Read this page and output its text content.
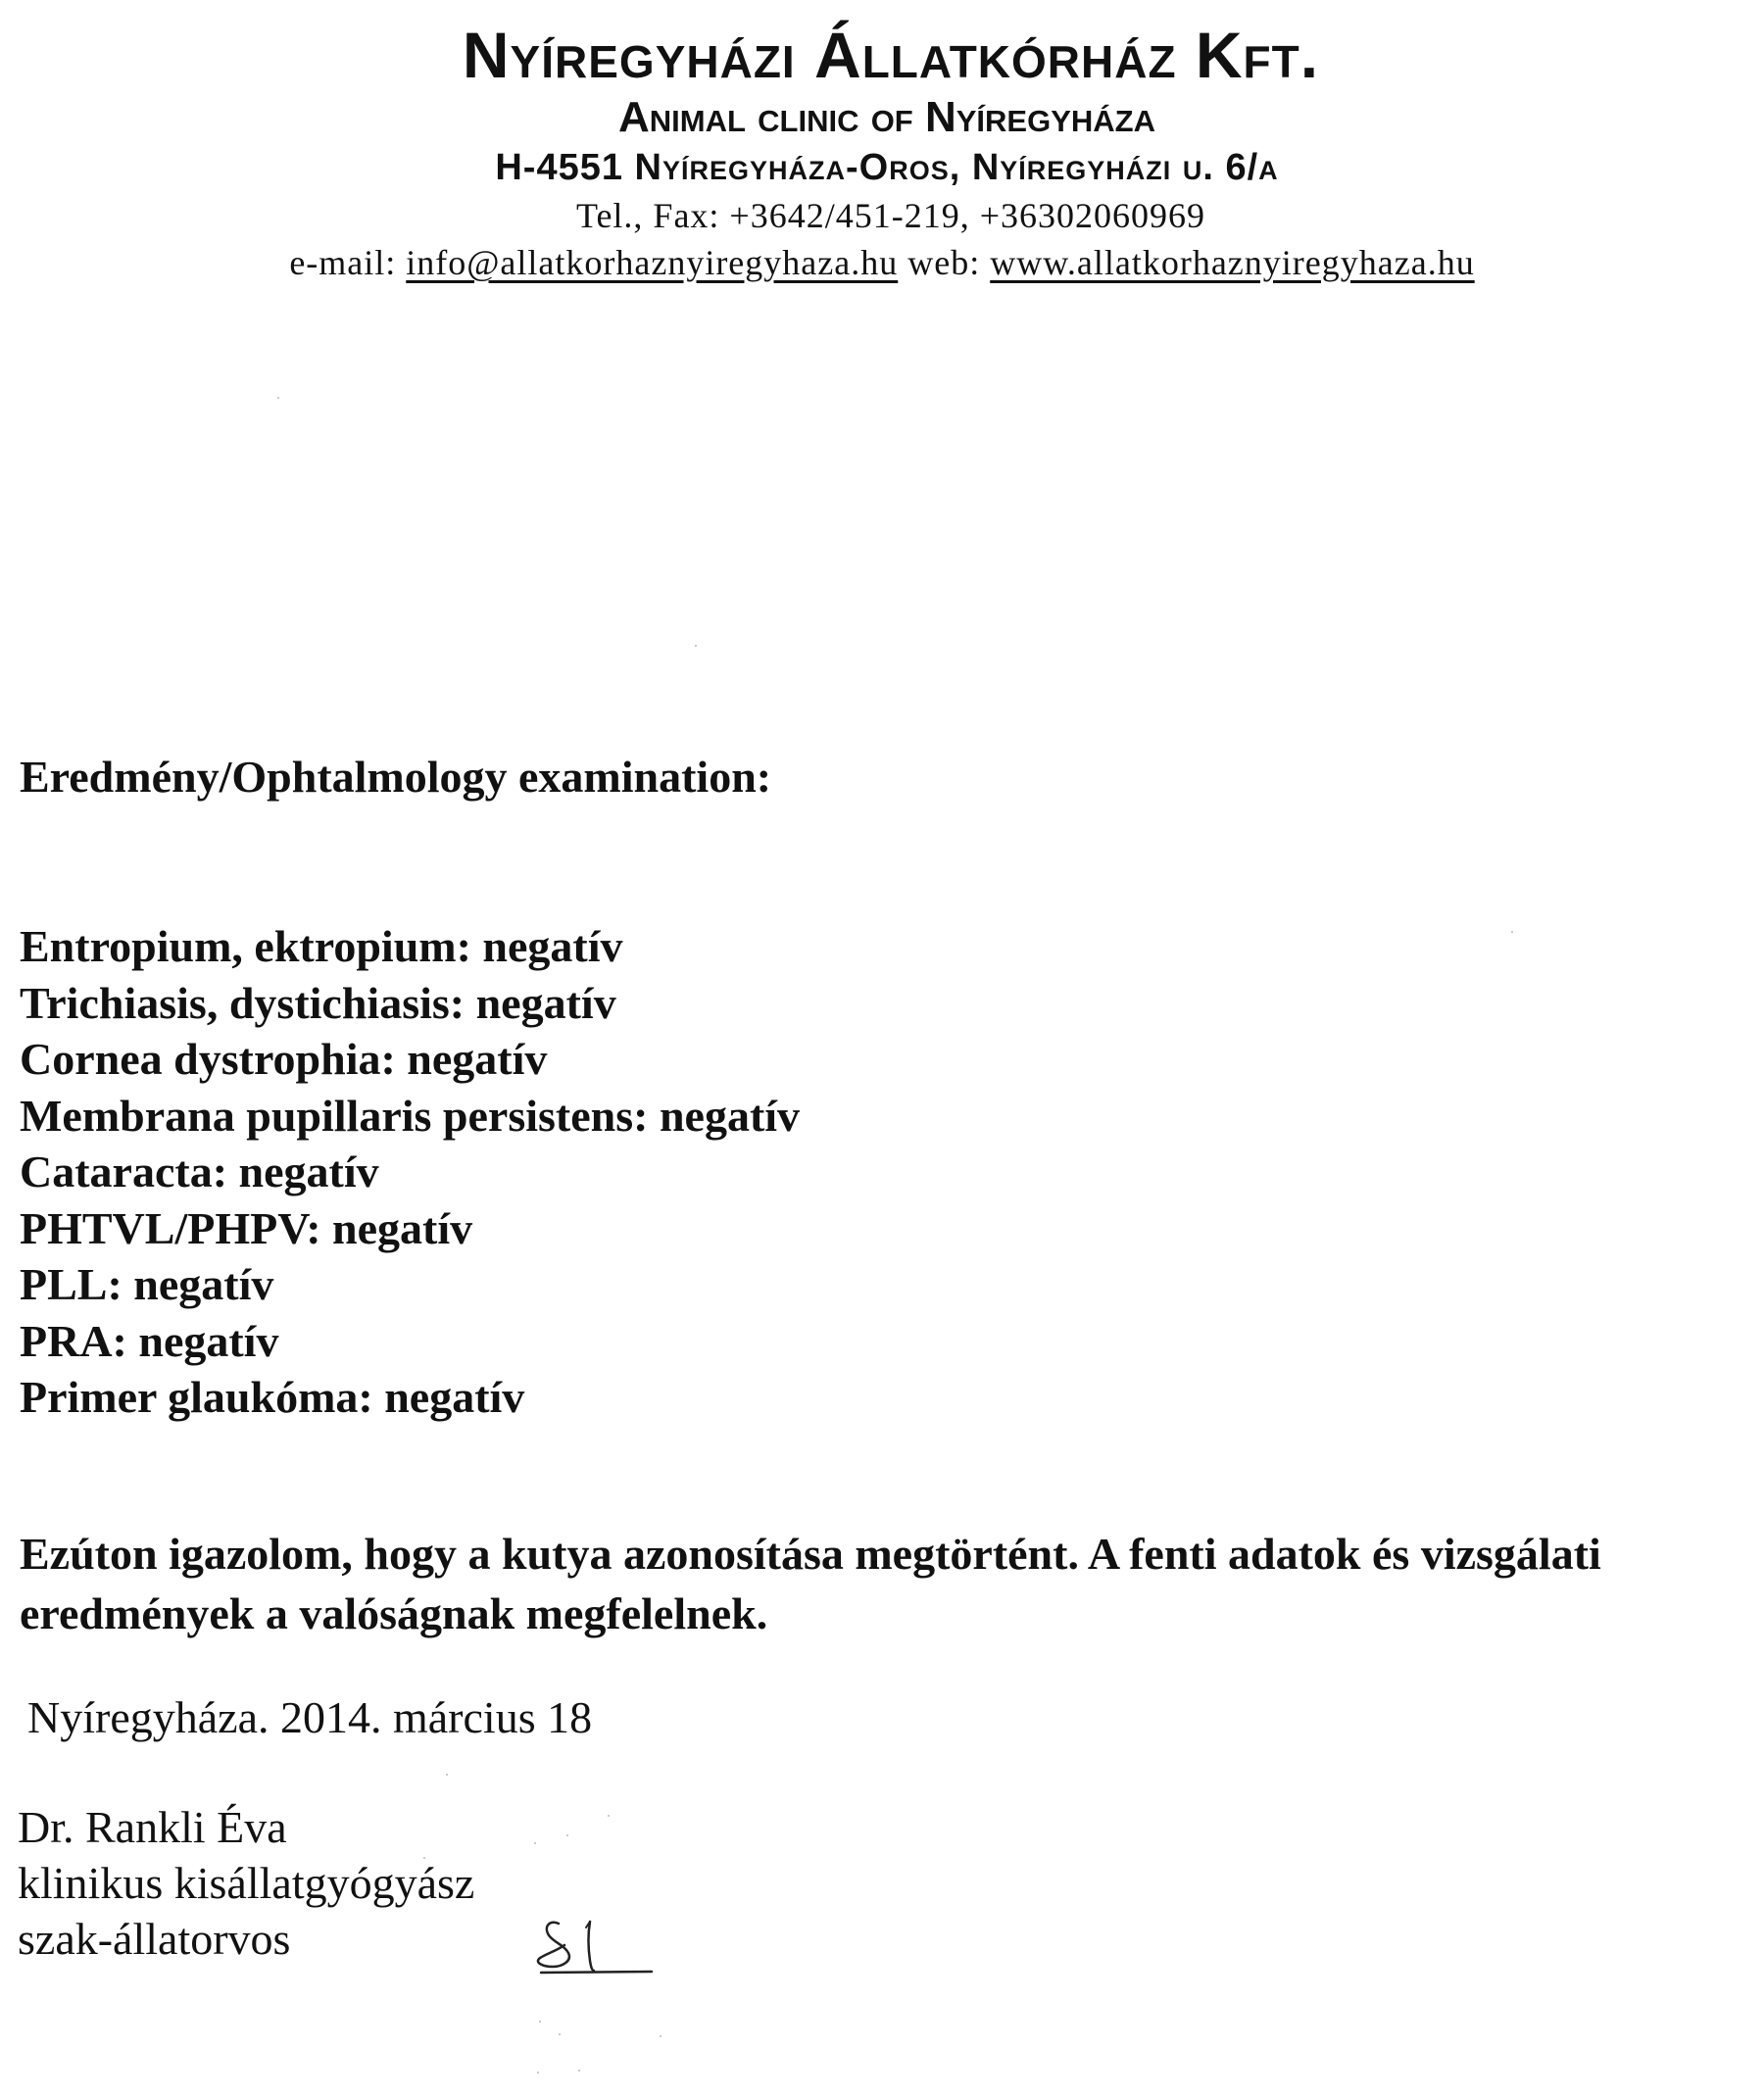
Nyíregyházi Állatkórház Kft.
Animal clinic of Nyíregyháza
H-4551 Nyíregyháza-Oros, Nyíregyházi u. 6/a
Tel., Fax: +3642/451-219, +36302060969
e-mail: info@allatkorhaznyiregyhaza.hu web: www.allatkorhaznyiregyhaza.hu
Eredmény/Ophtalmology examination:
Entropium, ektropium: negatív
Trichiasis, dystichiasis: negatív
Cornea dystrophia: negatív
Membrana pupillaris persistens: negatív
Cataracta: negatív
PHTVL/PHPV: negatív
PLL: negatív
PRA: negatív
Primer glaukóma: negatív

Ezúton igazolom, hogy a kutya azonosítása megtörtént. A fenti adatok és vizsgálati eredmények a valóságnak megfelelnek.

Nyíregyháza. 2014. március 18

Dr. Rankli Éva
klinikus kisállatgyógyász
szak-állatorvos
